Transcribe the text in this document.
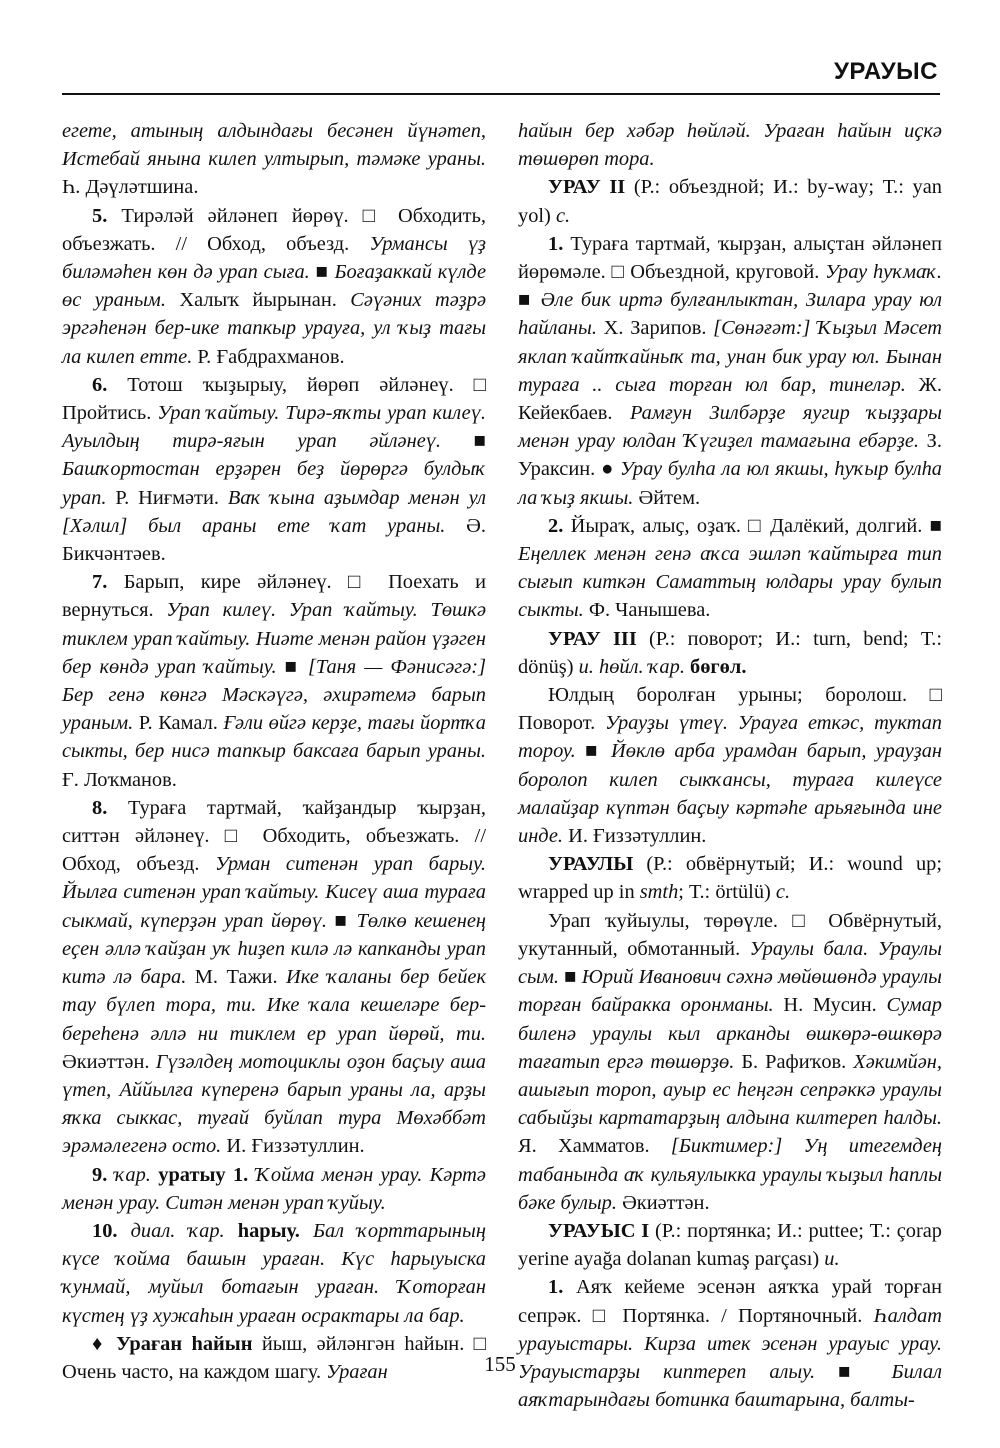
УРАУЫС

егете, атының алдындағы бесәнен йүнәтеп, Истебай янына килеп ултырып, тәмәке ураны. Һ. Дәүләтшина.

5. Тирәләй әйләнеп йөрөү. □ Обходить, объезжать. // Обход, объезд. Урмансы үҙ биләмәһен көн дә урап сыға. ■ Боғаҙаккай күлде өс ураным. Халыҡ йырынан. Сәүәних тәҙрә эргәһенән бер-ике тапкыр урауға, ул ҡыҙ тағы ла килеп етте. Р. Ғабдрахманов.

6. Тотош ҡыҙырыу, йөрөп әйләнеү. □ Пройтись. Урап ҡайтыу. Тирә-яҡты урап килеү. Ауылдың тирә-яғын урап әйләнеү. ■ Башҡортостан ерҙәрен беҙ йөрөргә булдыҡ урап. Р. Ниғмәти. Ваҡ ҡына аҙымдар менән ул [Хәлил] был араны ете ҡат ураны. Ә. Бикчәнтәев.

7. Барып, кире әйләнеү. □ Поехать и вернуться. Урап килеү. Урап ҡайтыу. Төшкә тиклем урап ҡайтыу. Ниәте менән район үҙәген бер көндә урап ҡайтыу. ■ [Таня — Фәнисәгә:] Бер генә көнгә Мәскәүгә, әхирәтемә барып ураным. Р. Камал. Ғәли өйгә керҙе, тағы йортҡа сыкты, бер нисә тапкыр баксаға барып ураны. Ғ. Лоҡманов.

8. Тураға тартмай, ҡайҙандыр ҡырҙан, ситтән әйләнеү. □ Обходить, объезжать. // Обход, объезд. Урман ситенән урап барыу. Йылға ситенән урап ҡайтыу. Кисеү аша тураға сыкмай, күперҙән урап йөрөү. ■ Төлкө кешенең еҫен әллә ҡайҙан уҡ һиҙеп килә лә капканды урап китә лә бара. М. Тажи. Ике ҡаланы бер бейек тау бүлеп тора, ти. Ике ҡала кешеләре бер-береһенә әллә ни тиклем ер урап йөрөй, ти. Әкиәттән. Гүзәлдең мотоциклы оҙон баҫыу аша үтеп, Аййылға күперенә барып ураны ла, арҙы яҡка сыккас, туғай буйлап тура Мөхәббәт эрәмәлегенә осто. И. Ғиззәтуллин.

9. ҡар. уратыу 1. Ҡойма менән урау. Кәртә менән урау. Ситән менән урап ҡуйыу.

10. диал. ҡар. һарыу. Бал ҡорттарының күсе ҡойма башын ураған. Күс һарыуыска ҡунмай, муйыл ботағын ураған. Ҡоторған күстең үҙ хужаһын ураған осрактары ла бар.

♦ Ураған һайын йыш, әйләнгән һайын. □ Очень часто, на каждом шагу. Ураған

һайын бер хәбәр һөйләй. Ураған һайын иҫкә төшөрөп тора.

УРАУ II (Р.: объездной; И.: by-way; Т.: yan yol) с.

1. Тураға тартмай, ҡырҙан, алыҫтан әйләнеп йөрөмәле. □ Объездной, круговой. Урау һуҡмаҡ. ■ Әле бик иртә булғанлыктан, Зилара урау юл һайланы. Х. Зарипов. [Сөнәғәт:] Ҡыҙыл Мәсет яклап ҡайтҡайныҡ та, унан бик урау юл. Бынан тураға .. сыға торған юл бар, тинеләр. Ж. Кейекбаев. Рамғун Зилбәрҙе яугир ҡыҙҙары менән урау юлдан Ҡүгиҙел тамағына ебәрҙе. З. Ураксин. ● Урау булһа ла юл якшы, һуҡыр булһа ла ҡыҙ якшы. Әйтем.

2. Йыраҡ, алыҫ, оҙаҡ. □ Далёкий, долгий. ■ Еңеллек менән генә аҡса эшләп ҡайтырға тип сығып киткән Саматтың юлдары урау булып сыкты. Ф. Чанышева.

УРАУ III (Р.: поворот; И.: turn, bend; Т.: dönüş) и. һөйл. ҡар. бөгөл.

Юлдың боролған урыны; боролош. □ Поворот. Урауҙы үтеү. Урауға еткәс, туктап тороу. ■ Йөклө арба урамдан барып, урауҙан боролоп килеп сыкҡансы, тураға килеүсе малайҙар күптән баҫыу кәртәһе арьяғында ине инде. И. Ғиззәтуллин.

УРАУЛЫ (Р.: обвёрнутый; И.: wound up; wrapped up in smth; Т.: örtülü) с.

Урап ҡуйыулы, төрөүле. □ Обвёрнутый, укутанный, обмотанный. Ураулы бала. Ураулы сым. ■ Юрий Иванович сәхнә мөйөшөндә ураулы торған байракка оронманы. Н. Мусин. Сумар биленә ураулы кыл арканды өшкөрә-өшкөрә тағатып ергә төшөрҙө. Б. Рафиҡов. Хәкимйән, ашығып тороп, ауыр ес һеңгән сепрәккә ураулы сабыйҙы картатарҙың алдына килтереп һалды. Я. Хамматов. [Биктимер:] Уң итегемдең табанында аҡ кульяулыкка ураулы ҡыҙыл һаплы бәке булыр. Әкиәттән.

УРАУЫС I (Р.: портянка; И.: puttee; Т.: çorap yerine ayağa dolanan kumaş parçası) и.

1. Аяҡ кейеме эсенән аяҡҡа урай торған сепрәк. □ Портянка. / Портяночный. Һалдат урауыстары. Кирза итек эсенән урауыс урау. Урауыстарҙы киптереп алыу. ■ Билал аяҡтарындағы ботинка баштарына, балты-

155
